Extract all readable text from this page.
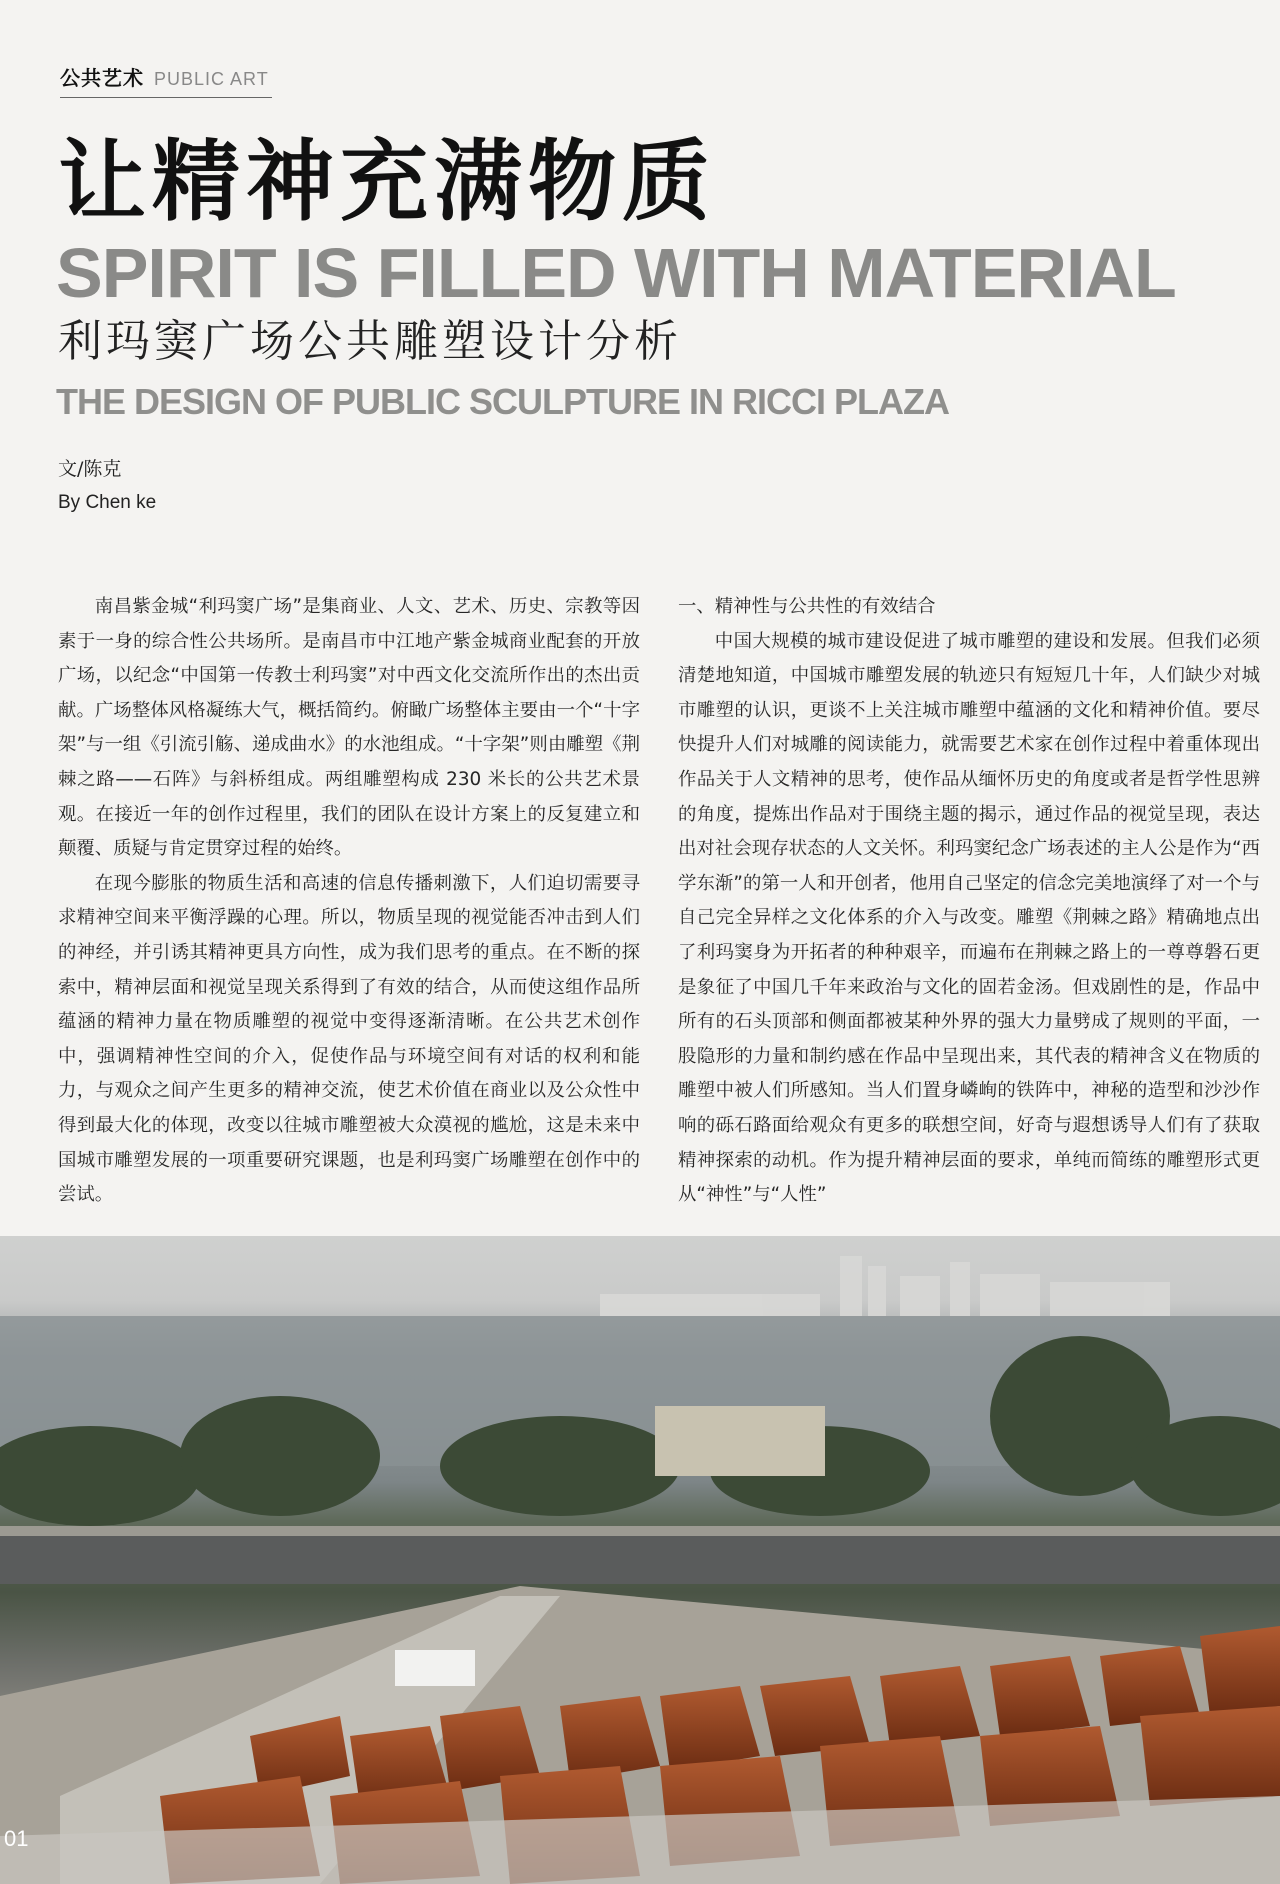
公共艺术 PUBLIC ART
让精神充满物质
SPIRIT IS FILLED WITH MATERIAL
利玛窦广场公共雕塑设计分析
THE DESIGN OF PUBLIC SCULPTURE IN RICCI PLAZA
文/陈克
By Chen ke

南昌紫金城“利玛窦广场”是集商业、人文、艺术、历史、宗教等因素于一身的综合性公共场所。是南昌市中江地产紫金城商业配套的开放广场，以纪念“中国第一传教士利玛窦”对中西文化交流所作出的杰出贡献。广场整体风格凝练大气，概括简约。俯瞰广场整体主要由一个“十字架”与一组《引流引觞、递成曲水》的水池组成。“十字架”则由雕塑《荆棘之路——石阵》与斜桥组成。两组雕塑构成 230 米长的公共艺术景观。在接近一年的创作过程里，我们的团队在设计方案上的反复建立和颠覆、质疑与肯定贯穿过程的始终。

在现今膨胀的物质生活和高速的信息传播刺激下，人们迫切需要寻求精神空间来平衡浮躁的心理。所以，物质呈现的视觉能否冲击到人们的神经，并引诱其精神更具方向性，成为我们思考的重点。在不断的探索中，精神层面和视觉呈现关系得到了有效的结合，从而使这组作品所蕴涵的精神力量在物质雕塑的视觉中变得逐渐清晰。在公共艺术创作中，强调精神性空间的介入，促使作品与环境空间有对话的权利和能力，与观众之间产生更多的精神交流，使艺术价值在商业以及公众性中得到最大化的体现，改变以往城市雕塑被大众漠视的尴尬，这是未来中国城市雕塑发展的一项重要研究课题，也是利玛窦广场雕塑在创作中的尝试。

一、精神性与公共性的有效结合

中国大规模的城市建设促进了城市雕塑的建设和发展。但我们必须清楚地知道，中国城市雕塑发展的轨迹只有短短几十年，人们缺少对城市雕塑的认识，更谈不上关注城市雕塑中蕴涵的文化和精神价值。要尽快提升人们对城雕的阅读能力，就需要艺术家在创作过程中着重体现出作品关于人文精神的思考，使作品从缅怀历史的角度或者是哲学性思辨的角度，提炼出作品对于围绕主题的揭示，通过作品的视觉呈现，表达出对社会现存状态的人文关怀。利玛窦纪念广场表述的主人公是作为“西学东渐”的第一人和开创者，他用自己坚定的信念完美地演绎了对一个与自己完全异样之文化体系的介入与改变。雕塑《荆棘之路》精确地点出了利玛窦身为开拓者的种种艰辛，而遍布在荆棘之路上的一尊尊磐石更是象征了中国几千年来政治与文化的固若金汤。但戏剧性的是，作品中所有的石头顶部和侧面都被某种外界的强大力量劈成了规则的平面，一股隐形的力量和制约感在作品中呈现出来，其代表的精神含义在物质的雕塑中被人们所感知。当人们置身嶙峋的铁阵中，神秘的造型和沙沙作响的砾石路面给观众有更多的联想空间，好奇与遐想诱导人们有了获取精神探索的动机。作为提升精神层面的要求，单纯而简练的雕塑形式更从“神性”与“人性”

01
